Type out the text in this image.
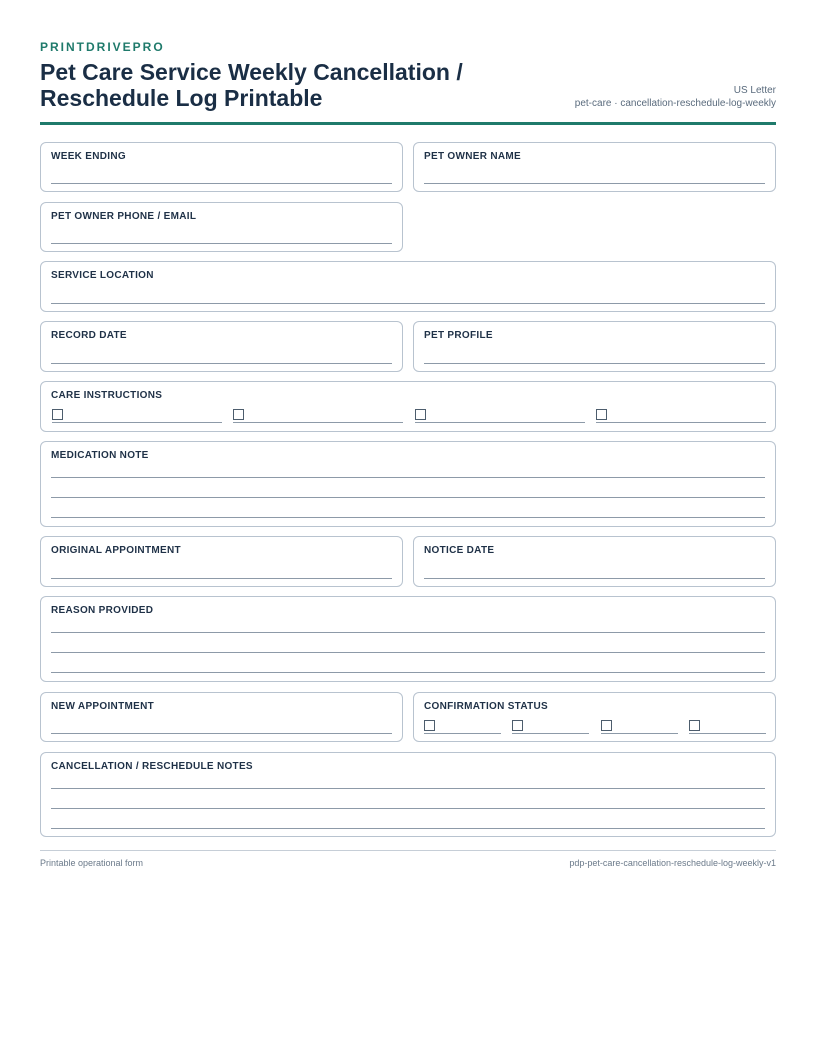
PRINTDRIVEPRO
Pet Care Service Weekly Cancellation / Reschedule Log Printable	US Letter
pet-care · cancellation-reschedule-log-weekly
WEEK ENDING	PET OWNER NAME
PET OWNER PHONE / EMAIL
SERVICE LOCATION
RECORD DATE	PET PROFILE
CARE INSTRUCTIONS
MEDICATION NOTE
ORIGINAL APPOINTMENT	NOTICE DATE
REASON PROVIDED
NEW APPOINTMENT	CONFIRMATION STATUS
CANCELLATION / RESCHEDULE NOTES
Printable operational form	pdp-pet-care-cancellation-reschedule-log-weekly-v1
